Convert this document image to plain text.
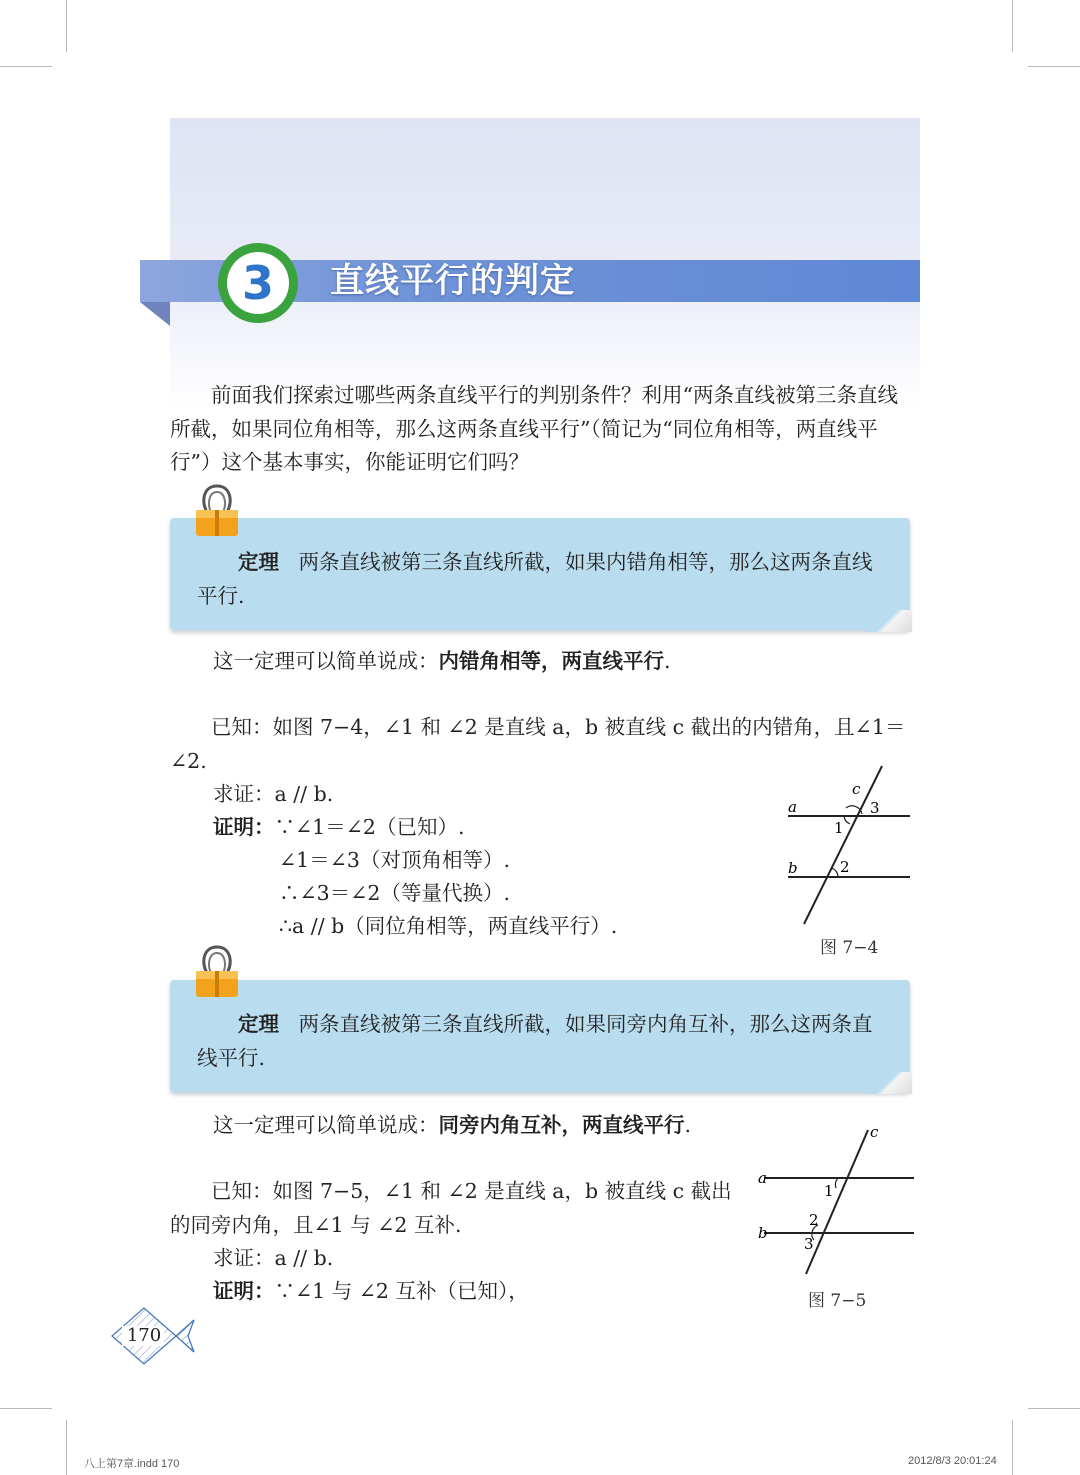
3	直线平行的判定
前面我们探索过哪些两条直线平行的判别条件？利用“两条直线被第三条直线所截，如果同位角相等，那么这两条直线平行”（简记为“同位角相等，两直线平行”）这个基本事实，你能证明它们吗？
定理 两条直线被第三条直线所截，如果内错角相等，那么这两条直线平行.
这一定理可以简单说成：内错角相等，两直线平行.
已知：如图 7−4，∠1 和 ∠2 是直线 a，b 被直线 c 截出的内错角，且∠1＝∠2.
求证：a // b.
证明：∵∠1＝∠2（已知）.
∠1＝∠3（对顶角相等）.
∴∠3＝∠2（等量代换）.
∴a // b（同位角相等，两直线平行）.
a
b
c
1
2
3
图 7−4
定理 两条直线被第三条直线所截，如果同旁内角互补，那么这两条直线平行.
这一定理可以简单说成：同旁内角互补，两直线平行.
已知：如图 7−5，∠1 和 ∠2 是直线 a，b 被直线 c 截出的同旁内角，且∠1 与 ∠2 互补.
求证：a // b.
证明：∵∠1 与 ∠2 互补（已知），
a
b
c
1
2
3
图 7−5
170
八上第7章.indd 170	2012/8/3 20:01:24
